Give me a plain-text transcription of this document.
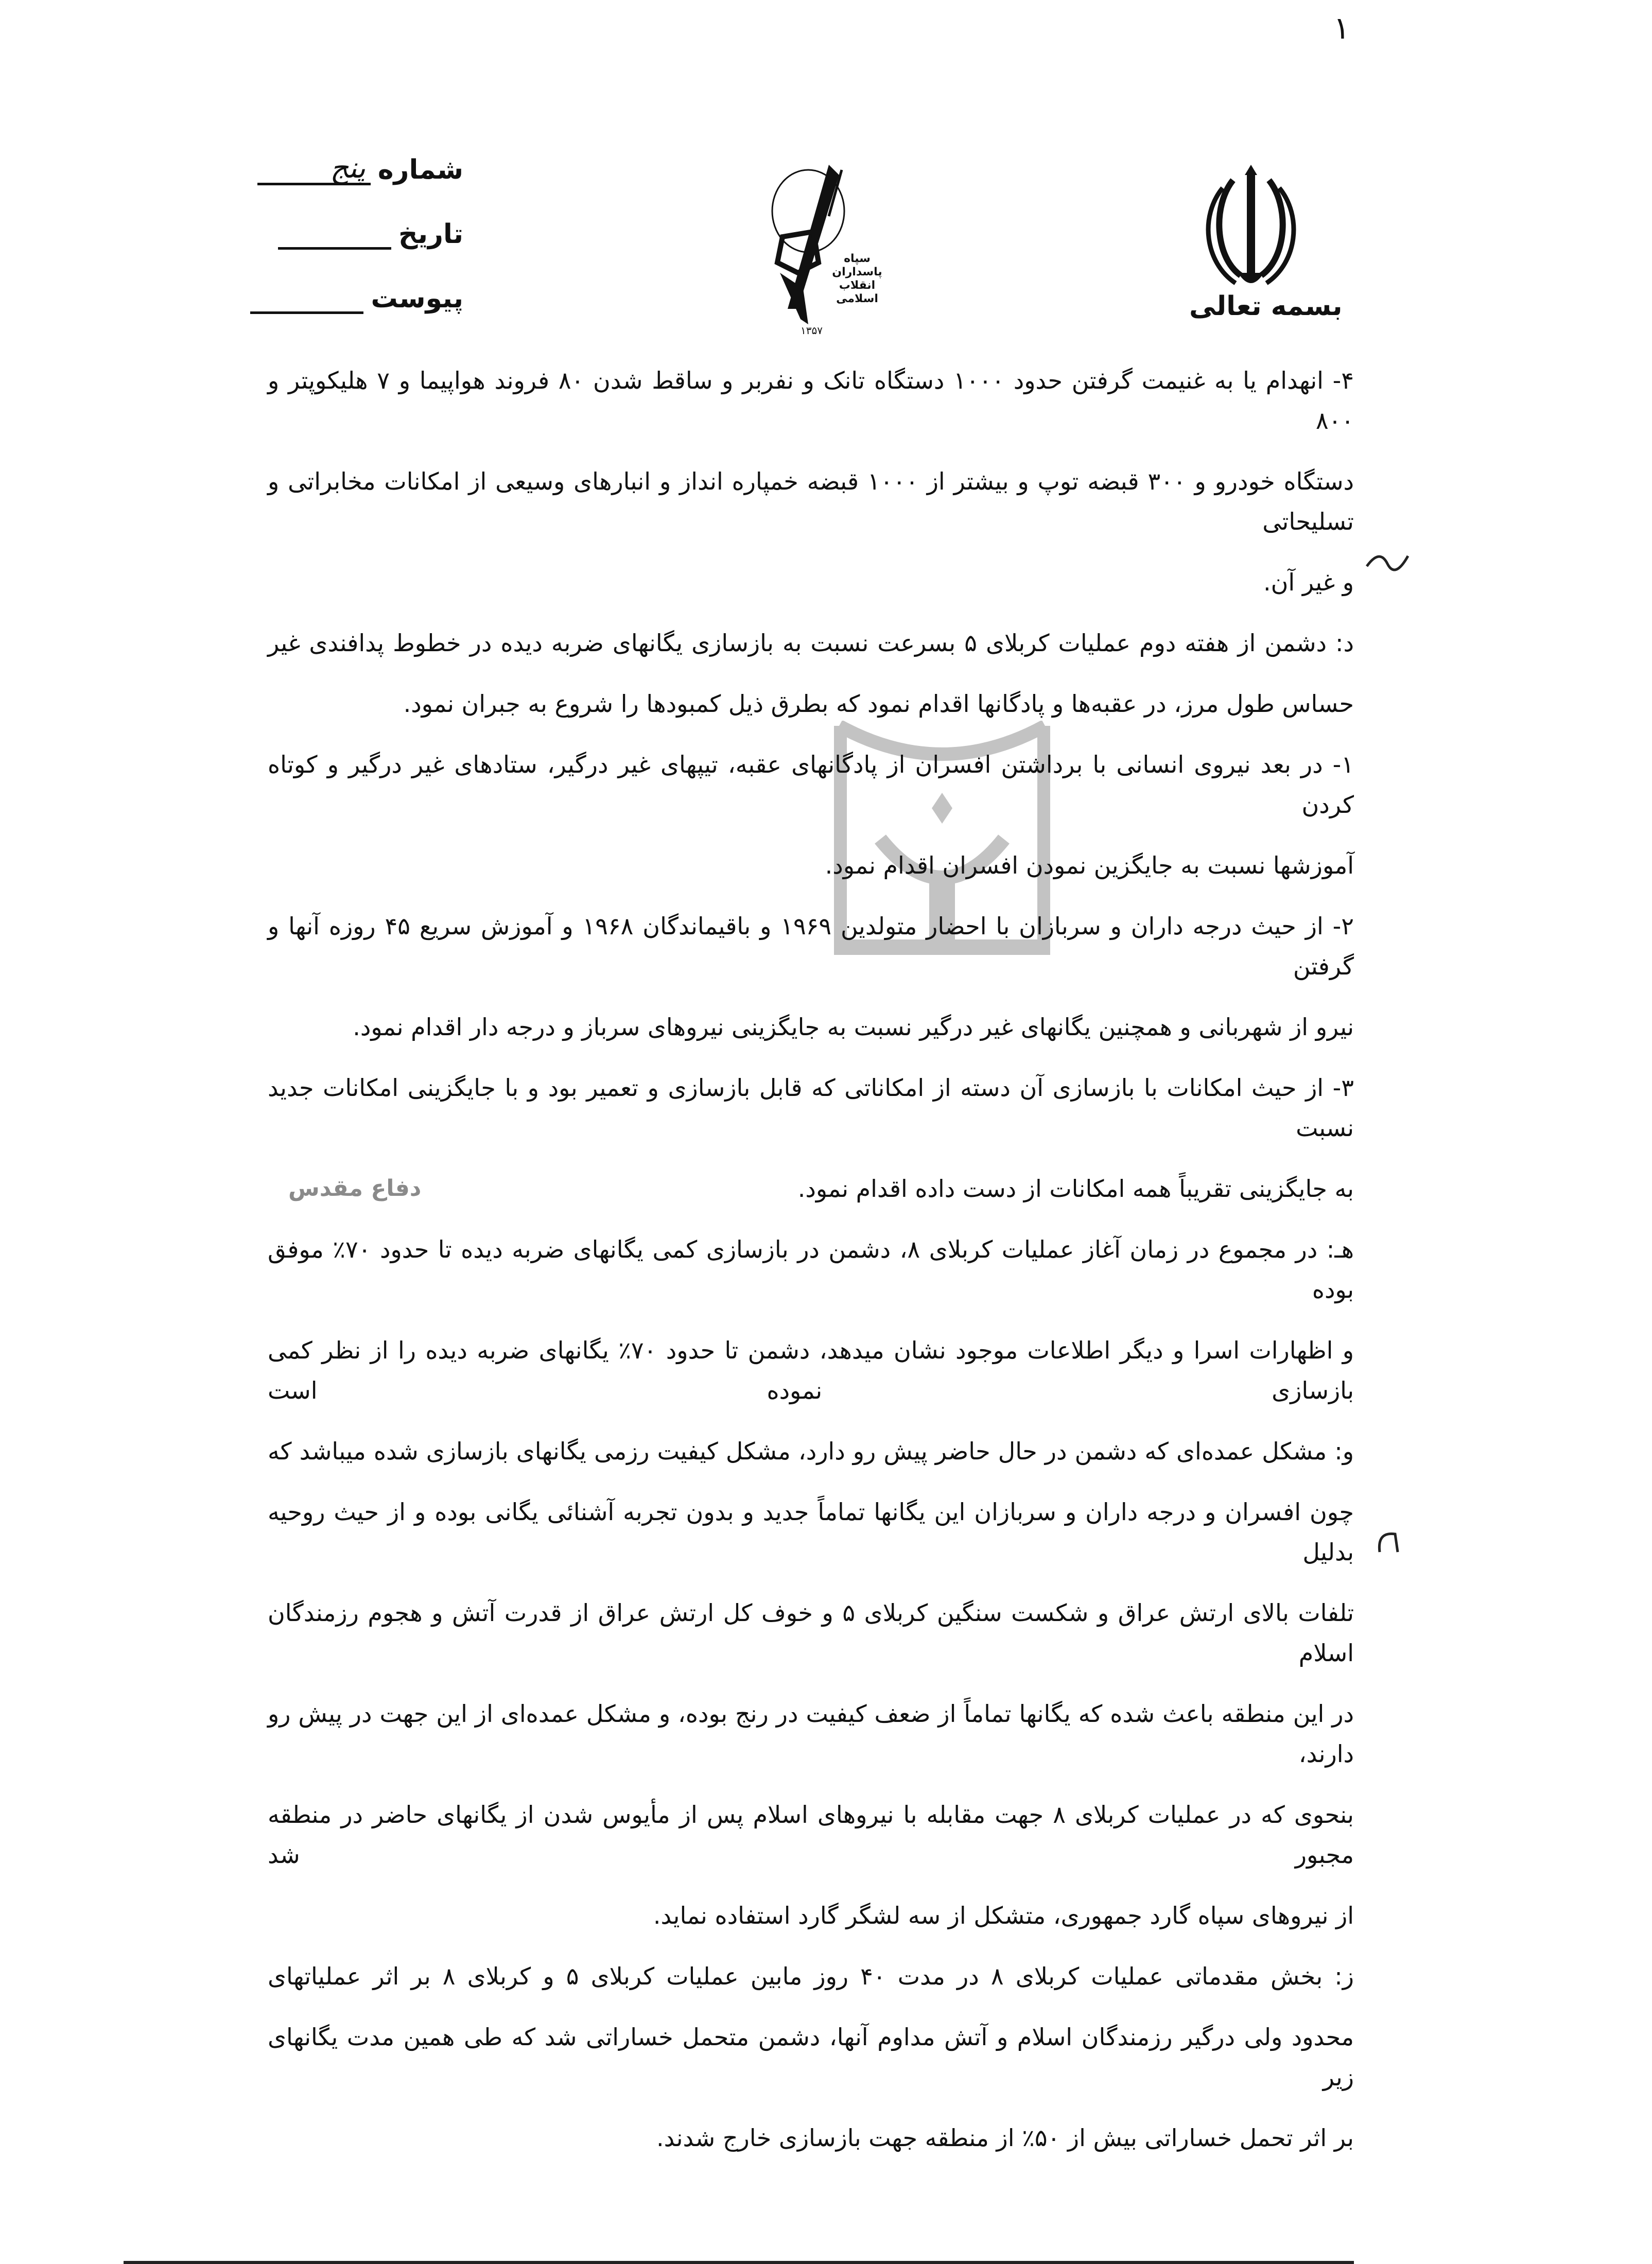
۱
شماره
پنج
تاریخ
پیوست
سپاه پاسداران انقلاب اسلامی
۱۳۵۷
بسمه تعالی
۴- انهدام یا به غنیمت گرفتن حدود ۱۰۰۰ دستگاه تانک و نفربر و ساقط شدن ۸۰ فروند هواپیما و ۷ هلیکوپتر و ۸۰۰
دستگاه خودرو و ۳۰۰ قبضه توپ و بیشتر از ۱۰۰۰ قبضه خمپاره انداز و انبارهای وسیعی از امکانات مخابراتی و تسلیحاتی
و غیر آن.
د: دشمن از هفته دوم عملیات کربلای ۵ بسرعت نسبت به بازسازی یگانهای ضربه دیده در خطوط پدافندی غیر
حساس طول مرز، در عقبه‌ها و پادگانها اقدام نمود که بطرق ذیل کمبودها را شروع به جبران نمود.
۱- در بعد نیروی انسانی با برداشتن افسران از پادگانهای عقبه، تیپهای غیر درگیر، ستادهای غیر درگیر و کوتاه کردن
آموزشها نسبت به جایگزین نمودن افسران اقدام نمود.
۲- از حیث درجه داران و سربازان با احضار متولدین ۱۹۶۹ و باقیماندگان ۱۹۶۸ و آموزش سریع ۴۵ روزه آنها و گرفتن
نیرو از شهربانی و همچنین یگانهای غیر درگیر نسبت به جایگزینی نیروهای سرباز و درجه دار اقدام نمود.
۳- از حیث امکانات با بازسازی آن دسته از امکاناتی که قابل بازسازی و تعمیر بود و با جایگزینی امکانات جدید نسبت
دفاع مقدس	به جایگزینی تقریباً همه امکانات از دست داده اقدام نمود.
هـ: در مجموع در زمان آغاز عملیات کربلای ۸، دشمن در بازسازی کمی یگانهای ضربه دیده تا حدود ۷۰٪ موفق بوده
و اظهارات اسرا و دیگر اطلاعات موجود نشان میدهد، دشمن تا حدود ۷۰٪ یگانهای ضربه دیده را از نظر کمی بازسازی نموده است
و: مشکل عمده‌ای که دشمن در حال حاضر پیش رو دارد، مشکل کیفیت رزمی یگانهای بازسازی شده میباشد که
چون افسران و درجه داران و سربازان این یگانها تماماً جدید و بدون تجربه آشنائی یگانی بوده و از حیث روحیه بدلیل
تلفات بالای ارتش عراق و شکست سنگین کربلای ۵ و خوف کل ارتش عراق از قدرت آتش و هجوم رزمندگان اسلام
در این منطقه باعث شده که یگانها تماماً از ضعف کیفیت در رنج بوده، و مشکل عمده‌ای از این جهت در پیش رو دارند،
بنحوی که در عملیات کربلای ۸ جهت مقابله با نیروهای اسلام پس از مأیوس شدن از یگانهای حاضر در منطقه مجبور شد
از نیروهای سپاه گارد جمهوری، متشکل از سه لشگر گارد استفاده نماید.
ز: بخش مقدماتی عملیات کربلای ۸ در مدت ۴۰ روز مابین عملیات کربلای ۵ و کربلای ۸ بر اثر عملیاتهای
محدود ولی درگیر رزمندگان اسلام و آتش مداوم آنها، دشمن متحمل خساراتی شد که طی همین مدت یگانهای زیر
بر اثر تحمل خساراتی بیش از ۵۰٪ از منطقه جهت بازسازی خارج شدند.
